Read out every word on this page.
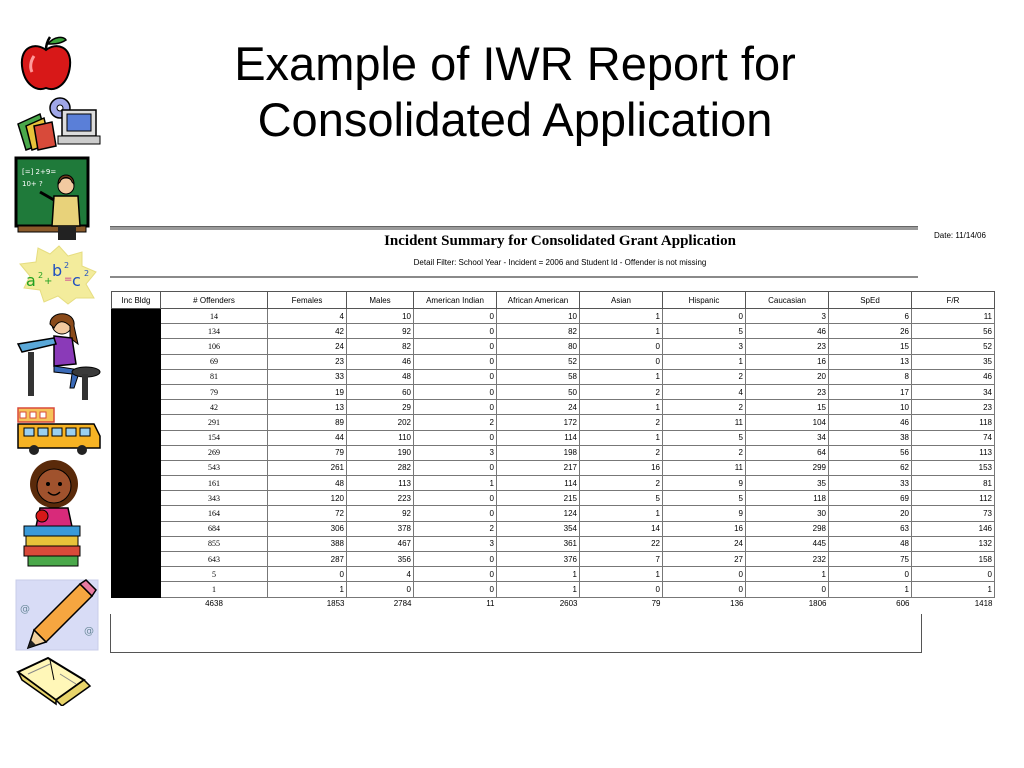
Example of IWR Report for
Consolidated Application
[=] 2+9=
10+ ?
a 2
+
b 2
= c 2
@
@
Incident Summary for Consolidated Grant Application
Detail Filter: School Year - Incident = 2006 and Student Id - Offender is not missing
Date: 11/14/06
Inc Bldg	# Offenders	Females	Males	American Indian	African American	Asian	Hispanic	Caucasian	SpEd	F/R
	14	4	10	0	10	1	0	3	6	11
	134	42	92	0	82	1	5	46	26	56
	106	24	82	0	80	0	3	23	15	52
	69	23	46	0	52	0	1	16	13	35
	81	33	48	0	58	1	2	20	8	46
	79	19	60	0	50	2	4	23	17	34
	42	13	29	0	24	1	2	15	10	23
	291	89	202	2	172	2	11	104	46	118
	154	44	110	0	114	1	5	34	38	74
	269	79	190	3	198	2	2	64	56	113
	543	261	282	0	217	16	11	299	62	153
	161	48	113	1	114	2	9	35	33	81
	343	120	223	0	215	5	5	118	69	112
	164	72	92	0	124	1	9	30	20	73
	684	306	378	2	354	14	16	298	63	146
	855	388	467	3	361	22	24	445	48	132
	643	287	356	0	376	7	27	232	75	158
	5	0	4	0	1	1	0	1	0	0
	1	1	0	0	1	0	0	0	1	1
	4638	1853	2784	11	2603	79	136	1806	606	1418
